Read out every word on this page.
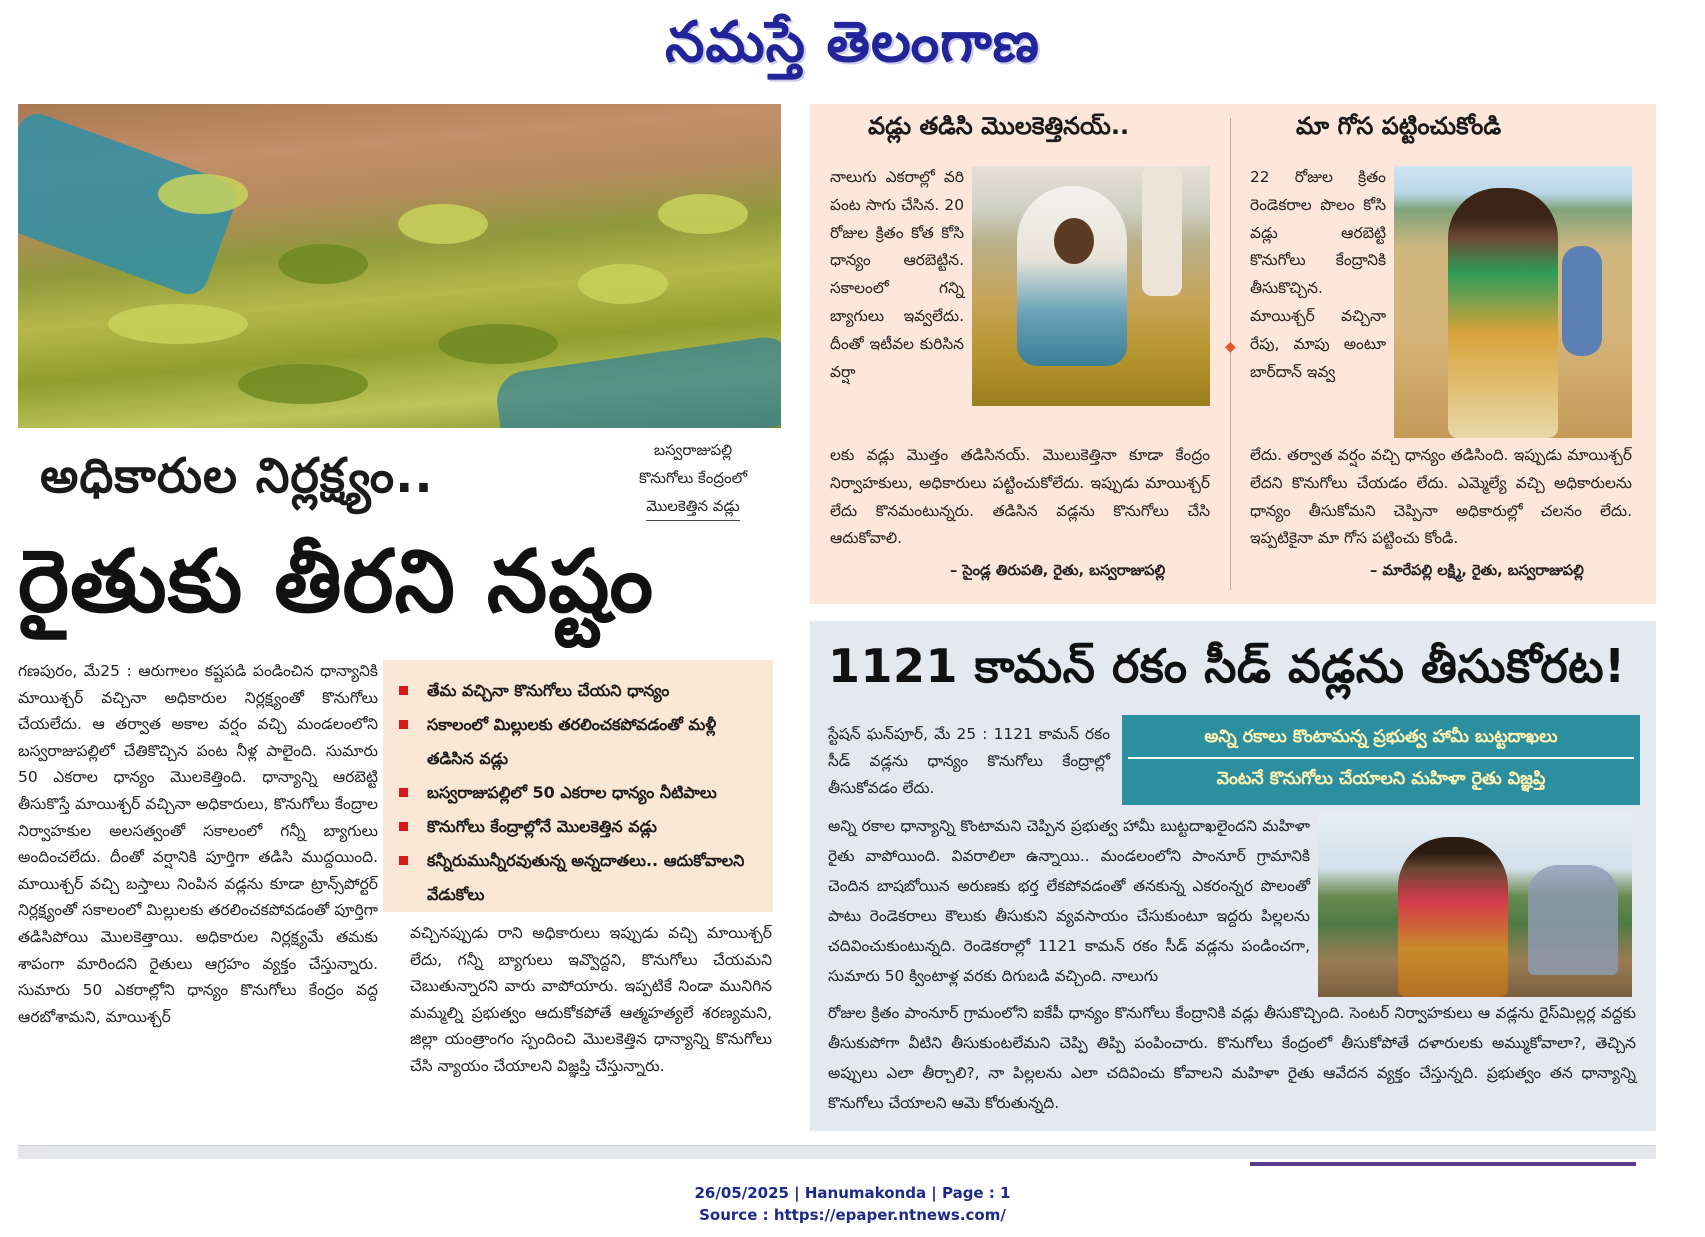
నమస్తే తెలంగాణ
అధికారుల నిర్లక్ష్యం..	బస్వరాజుపల్లి
కొనుగోలు కేంద్రంలో
మొలకెత్తిన వడ్లు
రైతుకు తీరని నష్టం
గణపురం, మే25 : ఆరుగాలం కష్టపడి పండించిన ధాన్యానికి మాయిశ్చర్ వచ్చినా అధికారుల నిర్లక్ష్యంతో కొనుగోలు చేయలేదు. ఆ తర్వాత అకాల వర్షం వచ్చి మండలంలోని బస్వరాజుపల్లిలో చేతికొచ్చిన పంట నీళ్ల పాలైంది. సుమారు 50 ఎకరాల ధాన్యం మొలకెత్తింది. ధాన్యాన్ని ఆరబెట్టి తీసుకొస్తే మాయిశ్చర్ వచ్చినా అధికారులు, కొనుగోలు కేంద్రాల నిర్వాహకుల అలసత్వంతో సకాలంలో గన్నీ బ్యాగులు అందించలేదు. దీంతో వర్షానికి పూర్తిగా తడిసి ముద్దయింది. మాయిశ్చర్ వచ్చి బస్తాలు నింపిన వడ్లను కూడా ట్రాన్స్‌పోర్టర్ నిర్లక్ష్యంతో సకాలంలో మిల్లులకు తరలించకపోవడంతో పూర్తిగా తడిసిపోయి మొలకెత్తాయి. అధికారుల నిర్లక్ష్యమే తమకు శాపంగా మారిందని రైతులు ఆగ్రహం వ్యక్తం చేస్తున్నారు. సుమారు 50 ఎకరాల్లోని ధాన్యం కొనుగోలు కేంద్రం వద్ద ఆరబోశామని, మాయిశ్చర్
తేమ వచ్చినా కొనుగోలు చేయని ధాన్యం
సకాలంలో మిల్లులకు తరలించకపోవడంతో మళ్లీ తడిసిన వడ్లు
బస్వరాజుపల్లిలో 50 ఎకరాల ధాన్యం నీటిపాలు
కొనుగోలు కేంద్రాల్లోనే మొలకెత్తిన వడ్లు
కన్నీరుమున్నీరవుతున్న అన్నదాతలు.. ఆదుకోవాలని వేడుకోలు
వచ్చినప్పుడు రాని అధికారులు ఇప్పుడు వచ్చి మాయిశ్చర్ లేదు, గన్నీ బ్యాగులు ఇవ్వొద్దని, కొనుగోలు చేయమని చెబుతున్నారని వారు వాపోయారు. ఇప్పటికే నిండా మునిగిన మమ్మల్ని ప్రభుత్వం ఆదుకోకపోతే ఆత్మహత్యలే శరణ్యమని, జిల్లా యంత్రాంగం స్పందించి మొలకెత్తిన ధాన్యాన్ని కొనుగోలు చేసి న్యాయం చేయాలని విజ్ఞప్తి చేస్తున్నారు.
వడ్లు తడిసి మొలకెత్తినయ్..	మా గోస పట్టించుకోండి
◆
నాలుగు ఎకరాల్లో వరి పంట సాగు చేసిన. 20 రోజుల క్రితం కోత కోసి ధాన్యం ఆరబెట్టిన. సకాలంలో గన్ని బ్యాగులు ఇవ్వలేదు. దీంతో ఇటీవల కురిసిన వర్షా
లకు వడ్లు మొత్తం తడిసినయ్. మొలుకెత్తినా కూడా కేంద్రం నిర్వాహకులు, అధికారులు పట్టించుకోలేదు. ఇప్పుడు మాయిశ్చర్ లేదు కొనమంటున్నరు. తడిసిన వడ్లను కొనుగోలు చేసి ఆదుకోవాలి.
– సైండ్ల తిరుపతి, రైతు, బస్వరాజుపల్లి
22 రోజుల క్రితం రెండెకరాల పొలం కోసి వడ్లు ఆరబెట్టి కొనుగోలు కేంద్రానికి తీసుకొచ్చిన. మాయిశ్చర్ వచ్చినా రేపు, మాపు అంటూ బార్‌దాన్ ఇవ్వ
లేదు. తర్వాత వర్షం వచ్చి ధాన్యం తడిసింది. ఇప్పుడు మాయిశ్చర్ లేదని కొనుగోలు చేయడం లేదు. ఎమ్మెల్యే వచ్చి అధికారులను ధాన్యం తీసుకోమని చెప్పినా అధికారుల్లో చలనం లేదు. ఇప్పటికైనా మా గోస పట్టించు కోండి.
– మారేపల్లి లక్ష్మి, రైతు, బస్వరాజుపల్లి
1121 కామన్ రకం సీడ్ వడ్లను తీసుకోరట!
స్టేషన్ ఘన్‌పూర్, మే 25 : 1121 కామన్ రకం సీడ్ వడ్లను ధాన్యం కొనుగోలు కేంద్రాల్లో తీసుకోవడం లేదు.
అన్ని రకాలు కొంటామన్న ప్రభుత్వ హామీ బుట్టదాఖలు
వెంటనే కొనుగోలు చేయాలని మహిళా రైతు విజ్ఞప్తి
అన్ని రకాల ధాన్యాన్ని కొంటామని చెప్పిన ప్రభుత్వ హామీ బుట్టదాఖలైందని మహిళా రైతు వాపోయింది. వివరాలిలా ఉన్నాయి.. మండలంలోని పాంనూర్ గ్రామానికి చెందిన బాషబోయిన అరుణకు భర్త లేకపోవడంతో తనకున్న ఎకరంన్నర పొలంతో పాటు రెండెకరాలు కౌలుకు తీసుకుని వ్యవసాయం చేసుకుంటూ ఇద్దరు పిల్లలను చదివించుకుంటున్నది. రెండెకరాల్లో 1121 కామన్ రకం సీడ్ వడ్లను పండించగా, సుమారు 50 క్వింటాళ్ల వరకు దిగుబడి వచ్చింది. నాలుగు
రోజుల క్రితం పాంనూర్ గ్రామంలోని ఐకేపీ ధాన్యం కొనుగోలు కేంద్రానికి వడ్లు తీసుకొచ్చింది. సెంటర్ నిర్వాహకులు ఆ వడ్లను రైస్‌మిల్లర్ల వద్దకు తీసుకుపోగా వీటిని తీసుకుంటలేమని చెప్పి తిప్పి పంపించారు. కొనుగోలు కేంద్రంలో తీసుకోపోతే దళారులకు అమ్ముకోవాలా?, తెచ్చిన అప్పులు ఎలా తీర్చాలి?, నా పిల్లలను ఎలా చదివించు కోవాలని మహిళా రైతు ఆవేదన వ్యక్తం చేస్తున్నది. ప్రభుత్వం తన ధాన్యాన్ని కొనుగోలు చేయాలని ఆమె కోరుతున్నది.
26/05/2025 | Hanumakonda | Page : 1
Source : https://epaper.ntnews.com/
